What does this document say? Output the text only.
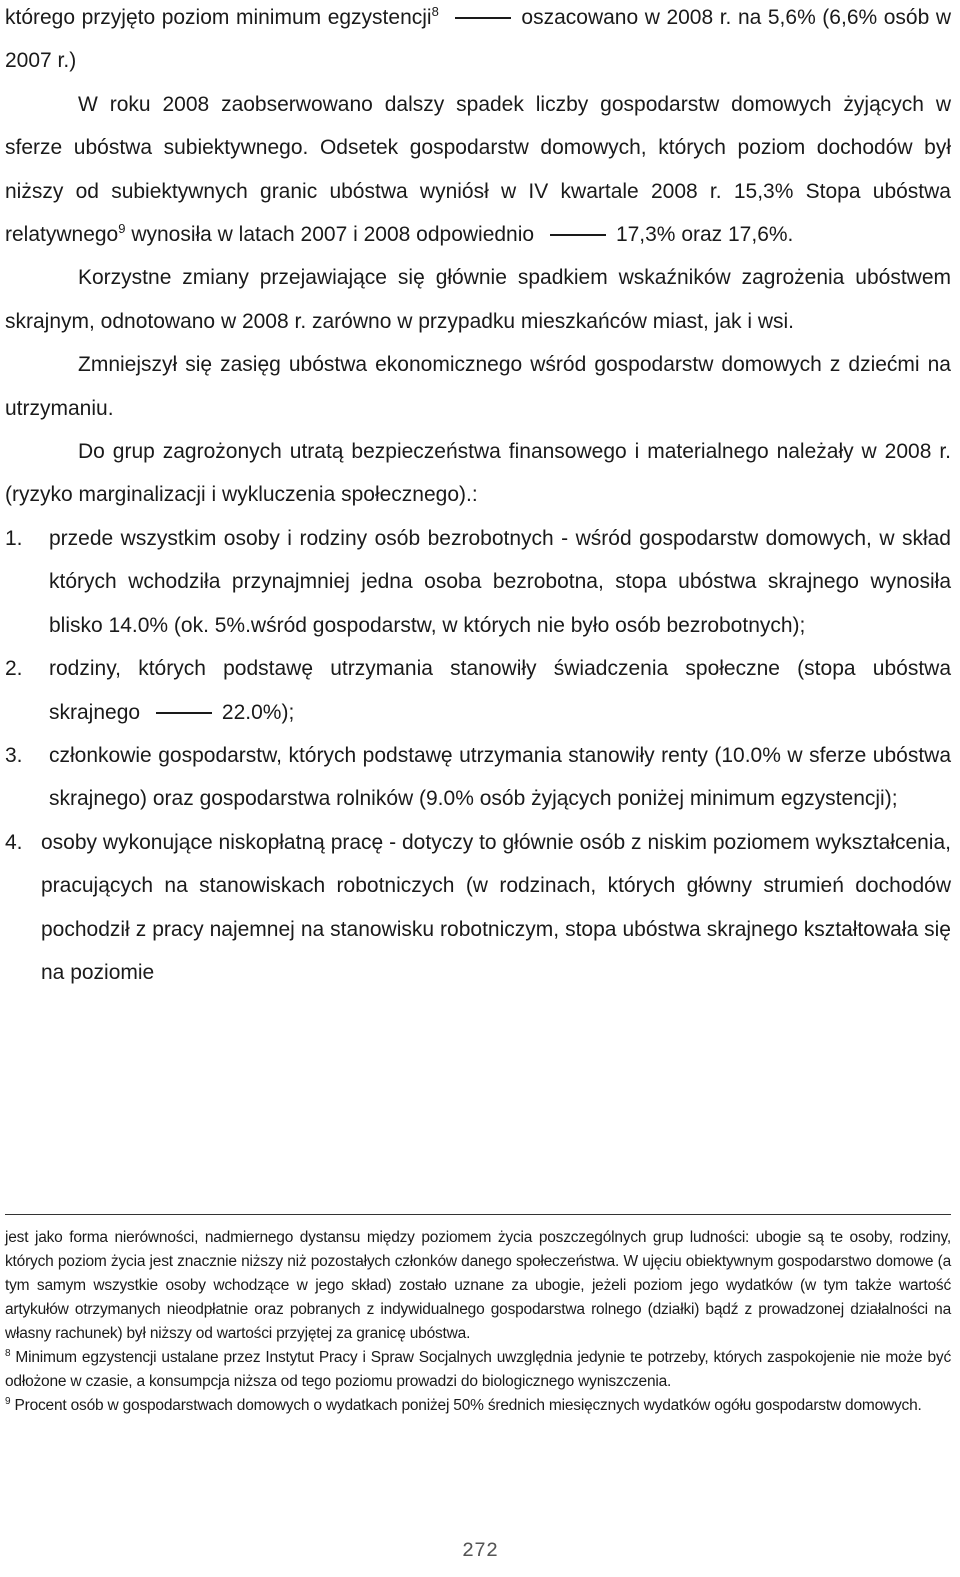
którego przyjęto poziom minimum egzystencji$^8$	oszacowano w 2008 r. na 5,6% (6,6% osób w 2007 r.)

W roku 2008 zaobserwowano dalszy spadek liczby gospodarstw domowych żyjących w sferze ubóstwa subiektywnego. Odsetek gospodarstw domowych, których poziom dochodów był niższy od subiektywnych granic ubóstwa wyniósł w IV kwartale 2008 r. 15,3% Stopa ubóstwa relatywnego$^9$ wynosiła w latach 2007 i 2008 odpowiednio	17,3% oraz 17,6%.

Korzystne zmiany przejawiające się głównie spadkiem wskaźników zagrożenia ubóstwem skrajnym, odnotowano w 2008 r. zarówno w przypadku mieszkańców miast, jak i wsi.

Zmniejszył się zasięg ubóstwa ekonomicznego wśród gospodarstw domowych z dziećmi na utrzymaniu.

Do grup zagrożonych utratą bezpieczeństwa finansowego i materialnego należały w 2008 r. (ryzyko marginalizacji i wykluczenia społecznego).:

1.	przede wszystkim osoby i rodziny osób bezrobotnych - wśród gospodarstw domowych, w skład których wchodziła przynajmniej jedna osoba bezrobotna, stopa ubóstwa skrajnego wynosiła blisko 14.0% (ok. 5%.wśród gospodarstw, w których nie było osób bezrobotnych);
2.	rodziny, których podstawę utrzymania stanowiły świadczenia społeczne (stopa ubóstwa skrajnego	22.0%);
3.	członkowie gospodarstw, których podstawę utrzymania stanowiły renty (10.0% w sferze ubóstwa skrajnego) oraz gospodarstwa rolników (9.0% osób żyjących poniżej minimum egzystencji);
4. osoby wykonujące niskopłatną pracę - dotyczy to głównie osób z niskim poziomem wykształcenia, pracujących na stanowiskach robotniczych (w rodzinach, których główny strumień dochodów pochodził z pracy najemnej na stanowisku robotniczym, stopa ubóstwa skrajnego kształtowała się na poziomie

jest jako forma nierówności, nadmiernego dystansu między poziomem życia poszczególnych grup ludności: ubogie są te osoby, rodziny, których poziom życia jest znacznie niższy niż pozostałych członków danego społeczeństwa. W ujęciu obiektywnym gospodarstwo domowe (a tym samym wszystkie osoby wchodzące w jego skład) zostało uznane za ubogie, jeżeli poziom jego wydatków (w tym także wartość artykułów otrzymanych nieodpłatnie oraz pobranych z indywidualnego gospodarstwa rolnego (działki) bądź z prowadzonej działalności na własny rachunek) był niższy od wartości przyjętej za granicę ubóstwa.

$^8$ Minimum egzystencji ustalane przez Instytut Pracy i Spraw Socjalnych uwzględnia jedynie te potrzeby, których zaspokojenie nie może być odłożone w czasie, a konsumpcja niższa od tego poziomu prowadzi do biologicznego wyniszczenia.

$^9$ Procent osób w gospodarstwach domowych o wydatkach poniżej 50% średnich miesięcznych wydatków ogółu gospodarstw domowych.

272
